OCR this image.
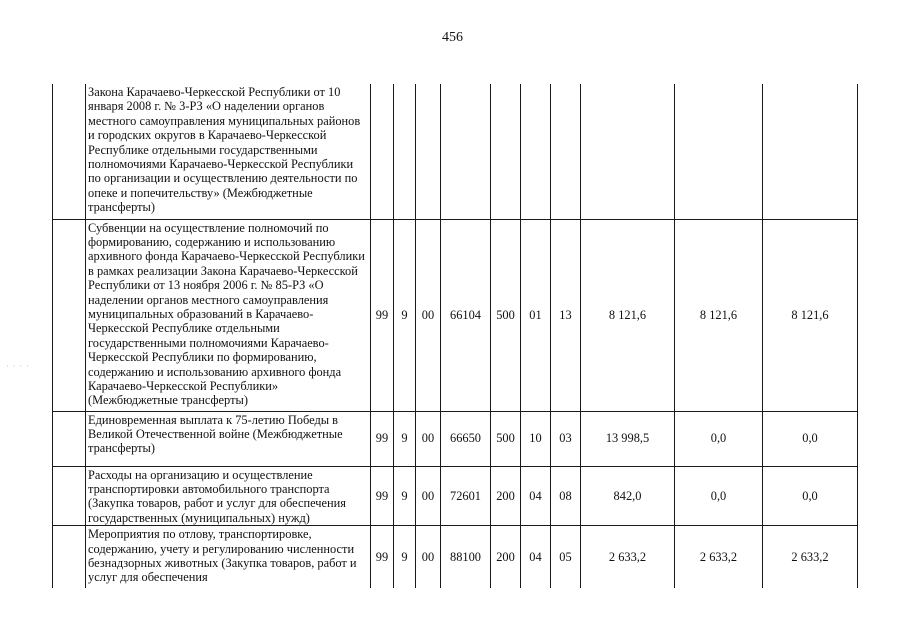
456
	Закона Карачаево-Черкесской Республики от 10 января 2008 г. № 3-РЗ «О наделении органов местного самоуправления муниципальных районов и городских округов в Карачаево-Черкесской Республике отдельными государственными полномочиями Карачаево-Черкесской Республики по организации и осуществлению деятельности по опеке и попечительству» (Межбюджетные трансферты)										
	Субвенции на осуществление полномочий по формированию, содержанию и использованию архивного фонда Карачаево-Черкесской Республики в рамках реализации Закона Карачаево-Черкесской Республики от 13 ноября 2006 г. № 85-РЗ «О наделении органов местного самоуправления муниципальных образований в Карачаево-Черкесской Республике отдельными государственными полномочиями Карачаево-Черкесской Республики по формированию, содержанию и использованию архивного фонда Карачаево-Черкесской Республики» (Межбюджетные трансферты)	99	9	00	66104	500	01	13	8 121,6	8 121,6	8 121,6
	Единовременная выплата к 75-летию Победы в Великой Отечественной войне (Межбюджетные трансферты)	99	9	00	66650	500	10	03	13 998,5	0,0	0,0
	Расходы на организацию и осуществление транспортировки автомобильного транспорта (Закупка товаров, работ и услуг для обеспечения государственных (муниципальных) нужд)	99	9	00	72601	200	04	08	842,0	0,0	0,0
	Мероприятия по отлову, транспортировке, содержанию, учету и регулированию численности безнадзорных животных (Закупка товаров, работ и услуг для обеспечения	99	9	00	88100	200	04	05	2 633,2	2 633,2	2 633,2
· · · ·
